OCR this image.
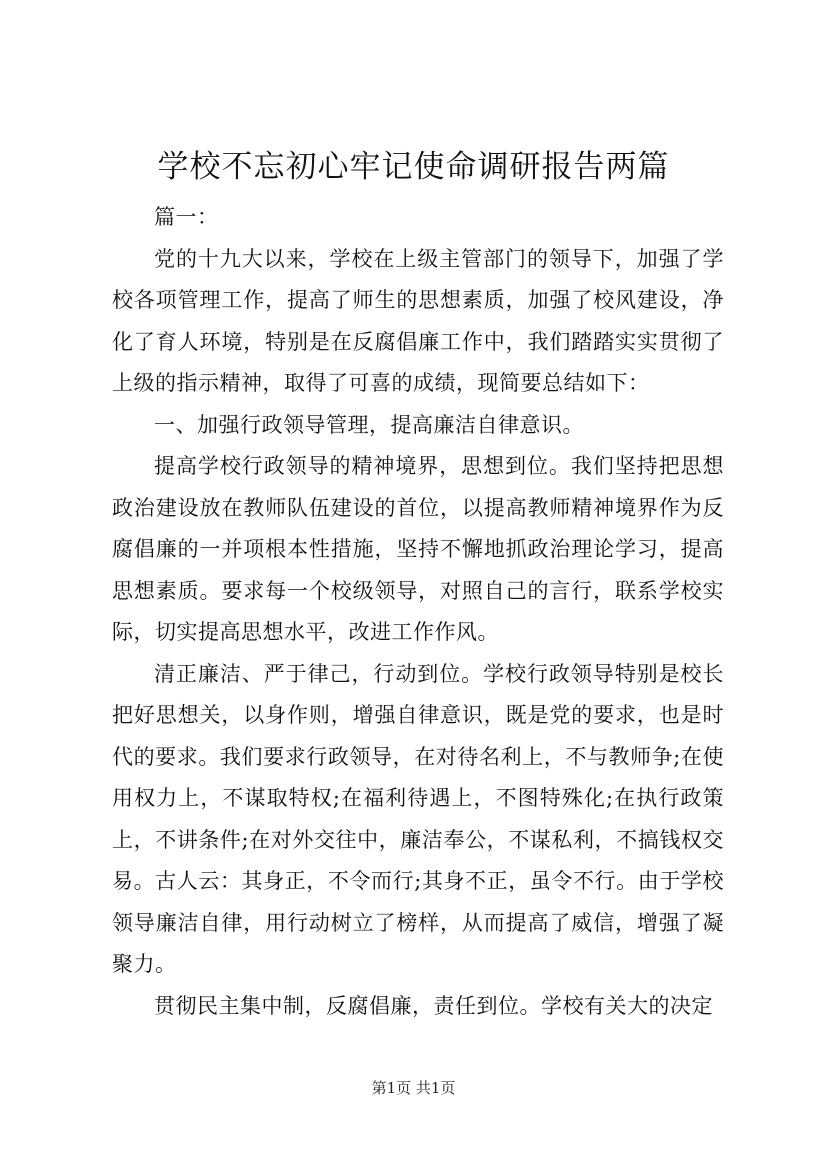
学校不忘初心牢记使命调研报告两篇

篇一：

党的十九大以来，学校在上级主管部门的领导下，加强了学校各项管理工作，提高了师生的思想素质，加强了校风建设，净化了育人环境，特别是在反腐倡廉工作中，我们踏踏实实贯彻了上级的指示精神，取得了可喜的成绩，现简要总结如下：

一、加强行政领导管理，提高廉洁自律意识。

提高学校行政领导的精神境界，思想到位。我们坚持把思想政治建设放在教师队伍建设的首位，以提高教师精神境界作为反腐倡廉的一并项根本性措施，坚持不懈地抓政治理论学习，提高思想素质。要求每一个校级领导，对照自己的言行，联系学校实际，切实提高思想水平，改进工作作风。

清正廉洁、严于律己，行动到位。学校行政领导特别是校长把好思想关，以身作则，增强自律意识，既是党的要求，也是时代的要求。我们要求行政领导，在对待名利上，不与教师争;在使用权力上，不谋取特权;在福利待遇上，不图特殊化;在执行政策上，不讲条件;在对外交往中，廉洁奉公，不谋私利，不搞钱权交易。古人云：其身正，不令而行;其身不正，虽令不行。由于学校领导廉洁自律，用行动树立了榜样，从而提高了威信，增强了凝聚力。

贯彻民主集中制，反腐倡廉，责任到位。学校有关大的决定

第1页 共1页
